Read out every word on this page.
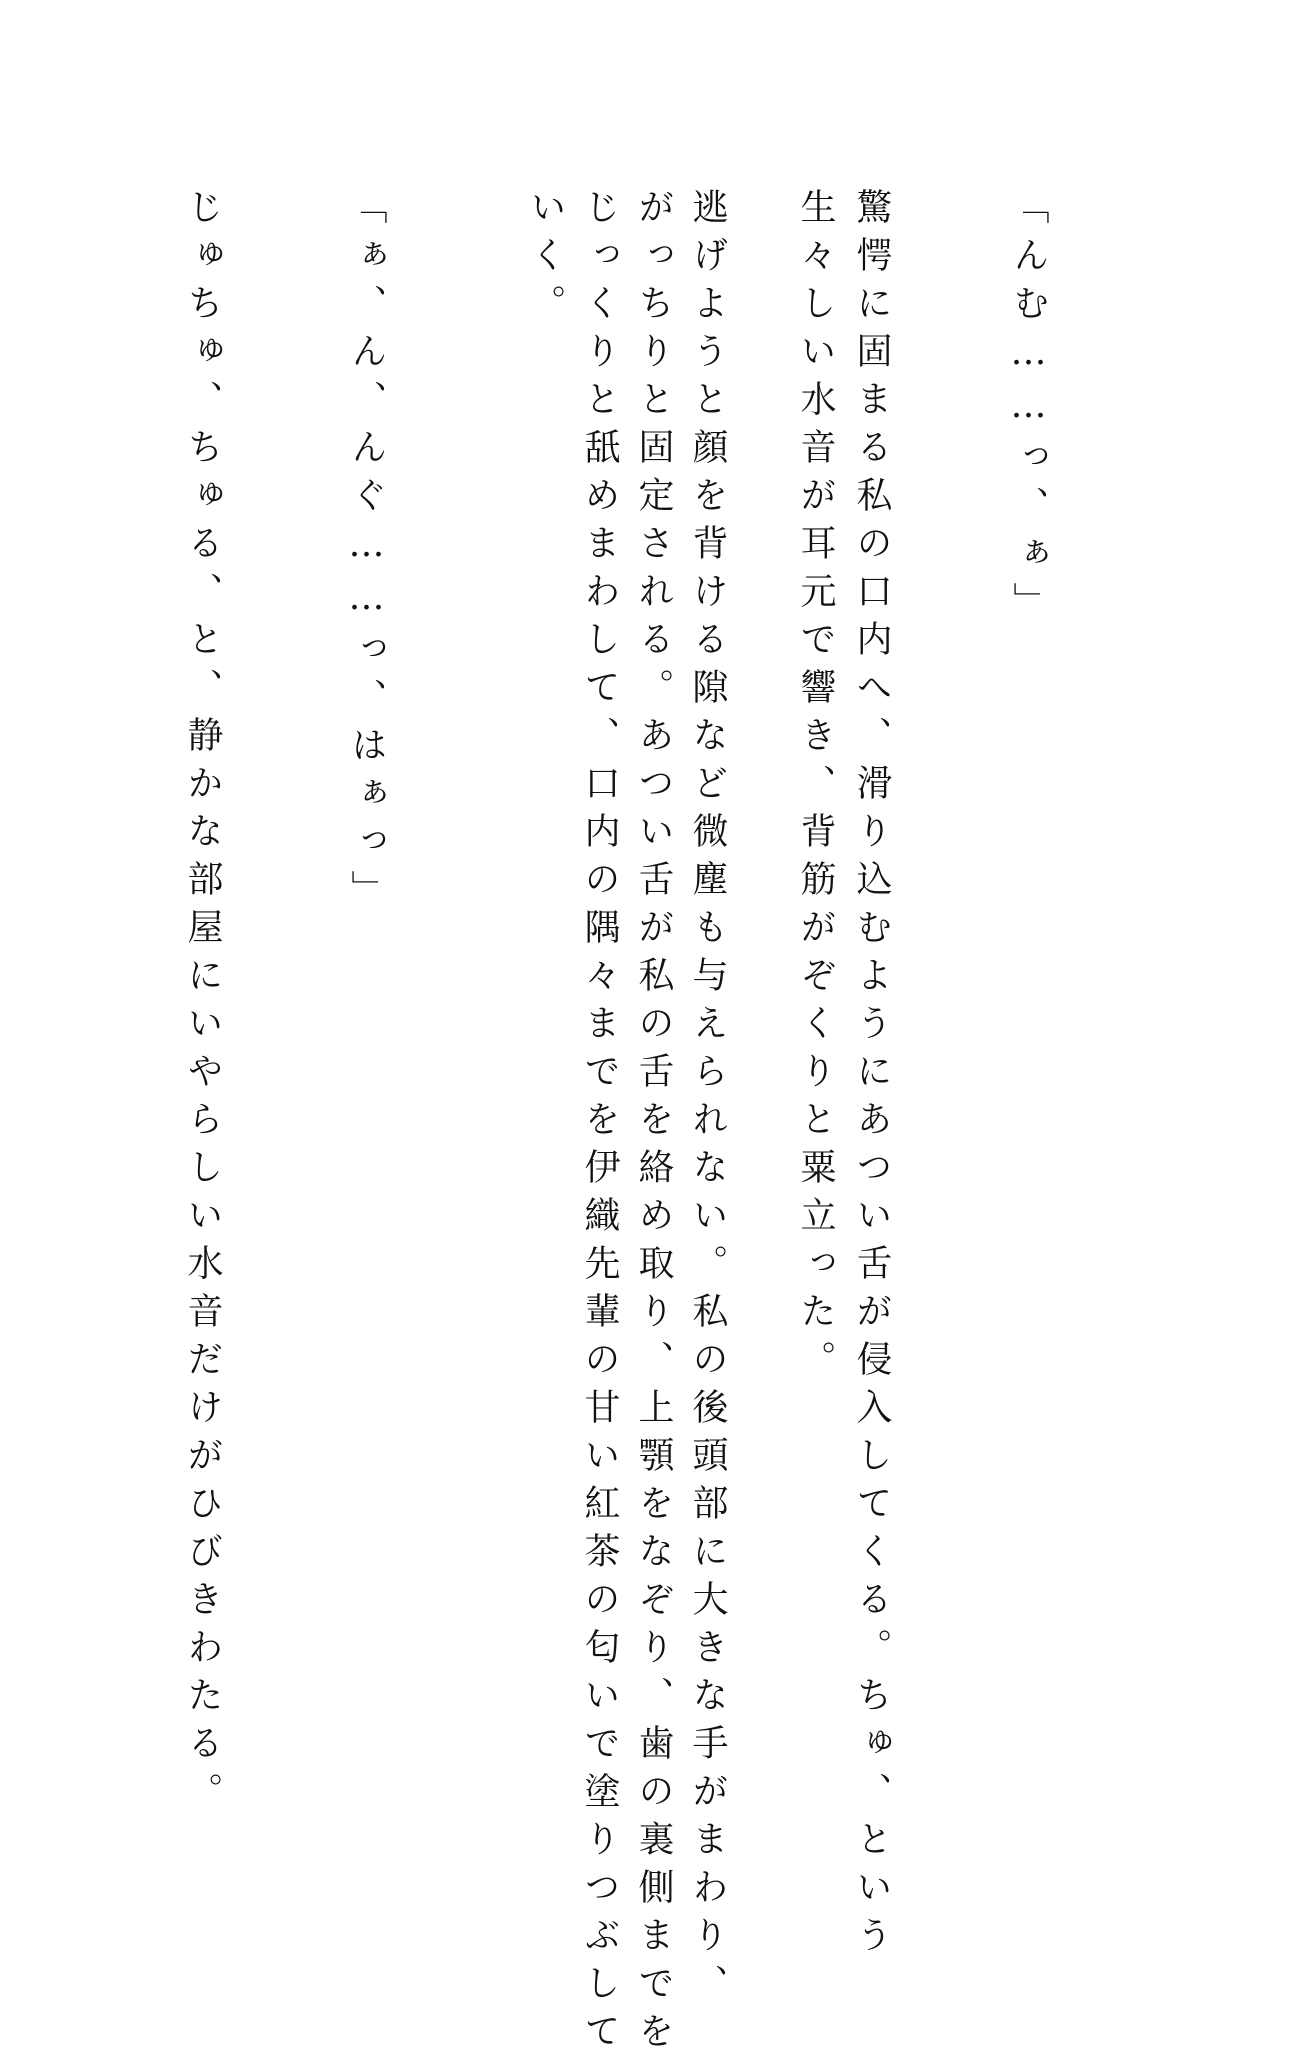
「んむ……っ、ぁ」

驚愕に固まる私の口内へ、滑り込むようにあつい舌が侵入してくる。ちゅ、という

生々しい水音が耳元で響き、背筋がぞくりと粟立った。

逃げようと顔を背ける隙など微塵も与えられない。私の後頭部に大きな手がまわり、

がっちりと固定される。あつい舌が私の舌を絡め取り、上顎をなぞり、歯の裏側までを

じっくりと舐めまわして、口内の隅々までを伊織先輩の甘い紅茶の匂いで塗りつぶして

いく。

「ぁ、ん、んぐ……っ、はぁっ」

じゅちゅ、ちゅる、と、静かな部屋にいやらしい水音だけがひびきわたる。
